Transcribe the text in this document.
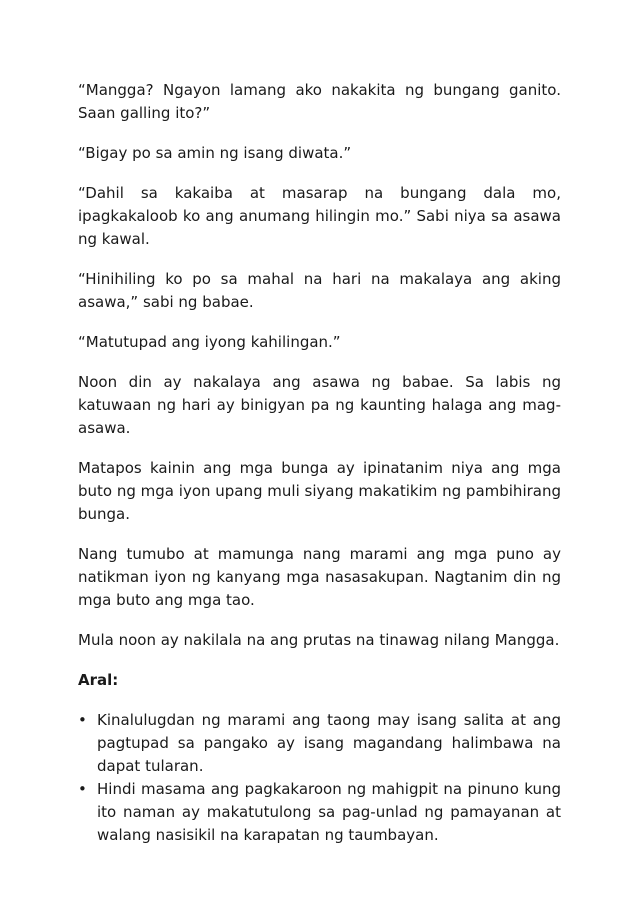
“Mangga? Ngayon lamang ako nakakita ng bungang ganito. Saan galling ito?”

“Bigay po sa amin ng isang diwata.”

“Dahil sa kakaiba at masarap na bungang dala mo, ipagkakaloob ko ang anumang hilingin mo.” Sabi niya sa asawa ng kawal.

“Hinihiling ko po sa mahal na hari na makalaya ang aking asawa,” sabi ng babae.

“Matutupad ang iyong kahilingan.”

Noon din ay nakalaya ang asawa ng babae. Sa labis ng katuwaan ng hari ay binigyan pa ng kaunting halaga ang mag-asawa.

Matapos kainin ang mga bunga ay ipinatanim niya ang mga buto ng mga iyon upang muli siyang makatikim ng pambihirang bunga.

Nang tumubo at mamunga nang marami ang mga puno ay natikman iyon ng kanyang mga nasasakupan. Nagtanim din ng mga buto ang mga tao.

Mula noon ay nakilala na ang prutas na tinawag nilang Mangga.

Aral:

• Kinalulugdan ng marami ang taong may isang salita at ang pagtupad sa pangako ay isang magandang halimbawa na dapat tularan.
• Hindi masama ang pagkakaroon ng mahigpit na pinuno kung ito naman ay makatutulong sa pag-unlad ng pamayanan at walang nasisikil na karapatan ng taumbayan.
